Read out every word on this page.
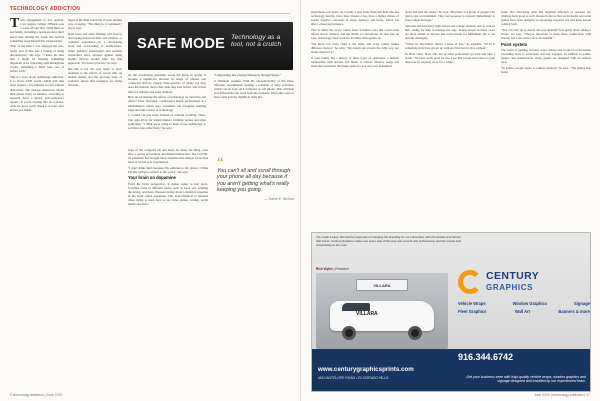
TECHNOLOGY ADDICTION
T een engagement to live auction. Last August, Ginger O'Brien took a week off and flew 5,000 miles to see family, including a newborn niece she'd never met. During the week, she noticed something about herself that surprised her.

"Part of the time I was engaged but also, really, part of that was a feeling of being disconnected," she says. "I knew the idea that I might be missing something important or be contacting staff through the cracks, something I didn't take care of before I left."

This is a story about technology addiction. It is about 2,000 words, which will take most readers a few minutes to read without distraction. The average American checks their phone every 12 minutes, according to research from a global tech-company's reports. If you're reading this on a phone, odds are good you'll check it at least once before you finish.

SAFE MODE Technology as a tool, not a crutch

As the coronavirus pandemic swept the globe in spring, it became a significant increase in usage of phones and connected devices. Nearly three-quarters of adults say they used the internet more often than they had before, and screen time for children and teens climbed.

How do we manage the effects of technology on ourselves and others? Peter Velvalies, a behavioral health professional at a rehabilitation center, says consumers can recognize warning signs and take control of technology.

1. Connect in real ways. Instead of constant scrolling, video-chat apps allow for virtual dinners, birthday parties and other gatherings. "I think we're going to learn to use technology to socialize more effectively," he says.

"Using things like playing Monopoly through Skype."

2. Maintain routines. With the unpredictability of the virus, Velvalies recommends creating a schedule of daily activities, which can be done on a computer or cell phone. This will help you differentiate the work from the weekend. Find other ways to have some activity rhythm in daily life.

“
You can't sit and scroll through your phone all day because if you aren't getting what's really keeping you going.
— Name E. Nichols

steps of the computer lab and hears for many the thing, even after a period of isolation and limited interaction. The COVID-19 pandemic has brought those anxieties into sharper focus than most of us had ever experienced.

"I don't think that's because I'm addicted to my phone; I think I'm just trying to connect to the world," she says.

Your brain on dopamine

From the brain perspective, it makes sense to feel good. Cravings come in different forms, such as food, sex, winning the lottery, and more. Pleasure brings about a chemical response in the brain called dopamine. This neurochemical is released when trying to learn how to use video games, texting, social media and more.

inged at the final sound but it's just another way of seeing. "The thing is, it continued," Oscar says.

Both notes and other findings will lead to developing interest in their own choices—a common experience—in a developing brain and overloading of notifications. Other pediatric neurologists and parental researchers have advised against using mobile devices around kids. Try this approach: "It's been a process," he says.

But this is not the only study to draw attention to the effects of screen time on mental health, and the growing body of evidence shows that teenagers are being affected.

0 technology addiction | June 2020

ssperations over years. As a result, a new study finds that kids who use technology heavily, more than 3 hours a day, have a higher chance of seeing negative outcomes in sleep, memory and focus, which can affect school performance.

That is where the worry comes from. Scientists note that screen time affects mood, memory and the ability to concentrate. To that end, he says, technology must work for us rather than against us.

"We know not every child is the same, and every family makes different choices," he adds. "We assign our screens the right way, not blame them for it."

If your family has a history of these types of addictions, a healthy relationship with devices and media is critical. Monitor usage and learn the boundaries that make sense for you and your household.

down and turn the tables," he says. "But there is a group of people who tend to get overwhelmed. They feel pressure to respond immediately to every single message."

Velvalies has had many high school and college students start to contact him, asking for help to manage the urge. Young people in many cases are more reliant on devices and social media for fulfillment, but it can become damaging.

"When we disconnect, there's a sense of loss," he explains. "Wi-Fi is something kids have grown up with and find hard to live without."

In these cases, those who are of other professions go back and take a break. "It's been really good for me. I see that people have more to gain than lose by stepping away for a while."

skills. But answering texts that augment affection or reassure our children feels good as well. Research shows that social media and some games have been designed to encourage repeated use and keep people coming back.

"You can only do so much, and you shouldn't feel guilty about taking a break," he says. "They're important to keep those connections with friends, but I also want you to be mindful."

Point system

The world of gaming, in many ways, mirrors the world of social media, rewarding users to participate and stay engaged. In addition to points, badges and leaderboards, many games are designed with an endless loop.

"In games, people aspire to achieve mastery," he says. "The games stop being

You made it easy. We had the huge task of changing the branding for our entire fleet, with 26 vehicles and almost 300 stores. Century Graphics made sure every step of the way was smooth and professional, and the results look outstanding on the road.
Rick Wyllie | President
VILLARA
VILLARA
CENTURY
GRAPHICS
Vehicle Wraps	Window Graphics	Signage
Fleet Graphics	Wall Art	Banners & more
916.344.6742
www.centurygraphicsprints.com
4610 ANTELOPE ROAD • EL DORADO HILLS	Get your business seen with high-quality vehicle wraps, window graphics and signage designed and installed by our experienced team.
June 2020 | technology addiction | 47
